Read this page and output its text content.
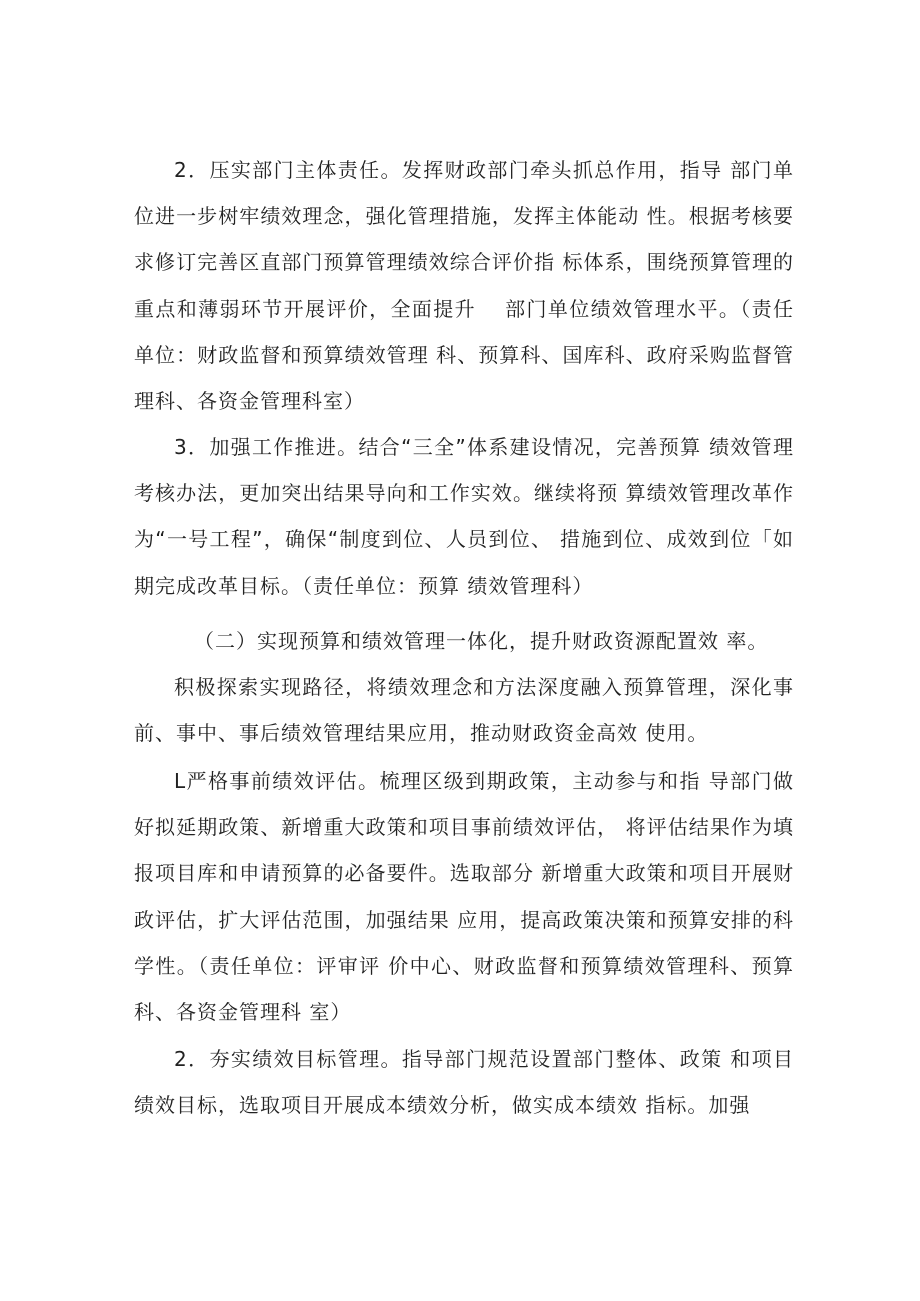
2．压实部门主体责任。发挥财政部门牵头抓总作用，指导 部门单位进一步树牢绩效理念，强化管理措施，发挥主体能动 性。根据考核要求修订完善区直部门预算管理绩效综合评价指 标体系，围绕预算管理的重点和薄弱环节开展评价，全面提升　 部门单位绩效管理水平。（责任单位：财政监督和预算绩效管理 科、预算科、国库科、政府采购监督管理科、各资金管理科室）

3．加强工作推进。结合“三全”体系建设情况，完善预算 绩效管理考核办法，更加突出结果导向和工作实效。继续将预 算绩效管理改革作为“一号工程”，确保“制度到位、人员到位、 措施到位、成效到位「如期完成改革目标。（责任单位：预算 绩效管理科）

（二）实现预算和绩效管理一体化，提升财政资源配置效 率。

积极探索实现路径，将绩效理念和方法深度融入预算管理，深化事前、事中、事后绩效管理结果应用，推动财政资金高效 使用。

L严格事前绩效评估。梳理区级到期政策，主动参与和指 导部门做好拟延期政策、新增重大政策和项目事前绩效评估， 将评估结果作为填报项目库和申请预算的必备要件。选取部分 新增重大政策和项目开展财政评估，扩大评估范围，加强结果 应用，提高政策决策和预算安排的科学性。（责任单位：评审评 价中心、财政监督和预算绩效管理科、预算科、各资金管理科 室）

2．夯实绩效目标管理。指导部门规范设置部门整体、政策 和项目绩效目标，选取项目开展成本绩效分析，做实成本绩效 指标。加强
